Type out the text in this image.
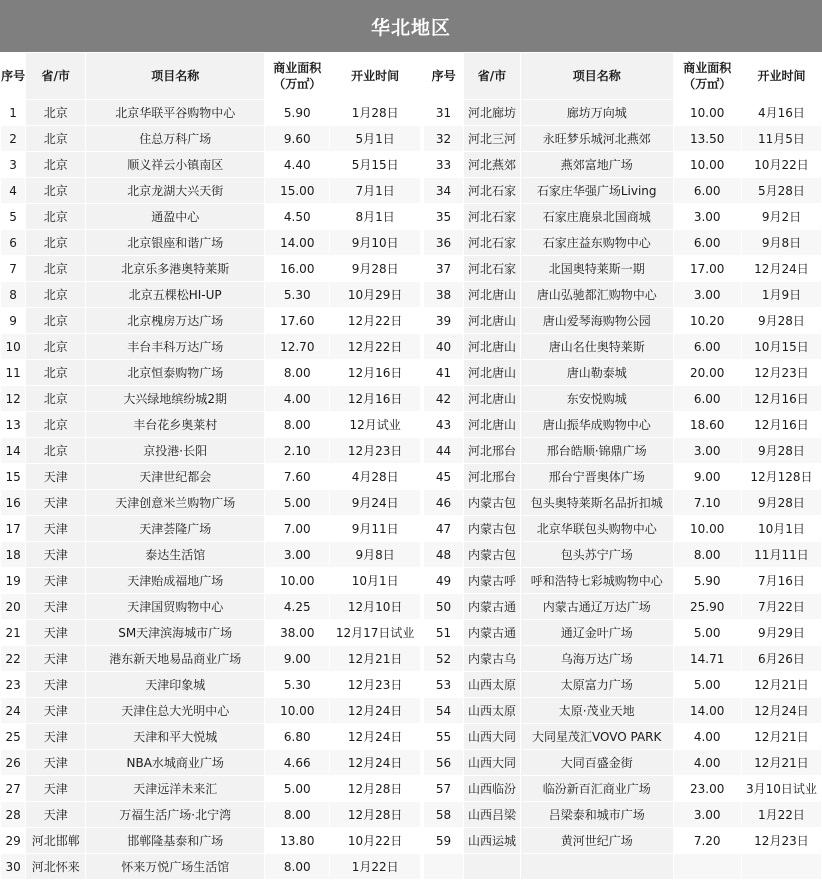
华北地区
序号	省/市	项目名称	商业面积（万㎡）	开业时间		序号	省/市	项目名称	商业面积（万㎡）	开业时间
1	北京	北京华联平谷购物中心	5.90	1月28日		31	河北廊坊	廊坊万向城	10.00	4月16日
2	北京	住总万科广场	9.60	5月1日		32	河北三河	永旺梦乐城河北燕郊	13.50	11月5日
3	北京	顺义祥云小镇南区	4.40	5月15日		33	河北燕郊	燕郊富地广场	10.00	10月22日
4	北京	北京龙湖大兴天街	15.00	7月1日		34	河北石家	石家庄华强广场Living	6.00	5月28日
5	北京	通盈中心	4.50	8月1日		35	河北石家	石家庄鹿泉北国商城	3.00	9月2日
6	北京	北京银座和谐广场	14.00	9月10日		36	河北石家	石家庄益东购物中心	6.00	9月8日
7	北京	北京乐多港奥特莱斯	16.00	9月28日		37	河北石家	北国奥特莱斯一期	17.00	12月24日
8	北京	北京五棵松HI-UP	5.30	10月29日		38	河北唐山	唐山弘驰都汇购物中心	3.00	1月9日
9	北京	北京槐房万达广场	17.60	12月22日		39	河北唐山	唐山爱琴海购物公园	10.20	9月28日
10	北京	丰台丰科万达广场	12.70	12月22日		40	河北唐山	唐山名仕奥特莱斯	6.00	10月15日
11	北京	北京恒泰购物广场	8.00	12月16日		41	河北唐山	唐山勒泰城	20.00	12月23日
12	北京	大兴绿地缤纷城2期	4.00	12月16日		42	河北唐山	东安悦购城	6.00	12月16日
13	北京	丰台花乡奥莱村	8.00	12月试业		43	河北唐山	唐山振华成购物中心	18.60	12月16日
14	北京	京投港·长阳	2.10	12月23日		44	河北邢台	邢台皓顺·锦鼎广场	3.00	9月28日
15	天津	天津世纪都会	7.60	4月28日		45	河北邢台	邢台宁晋奥体广场	9.00	12月128日
16	天津	天津创意米兰购物广场	5.00	9月24日		46	内蒙古包	包头奥特莱斯名品折扣城	7.10	9月28日
17	天津	天津荟隆广场	7.00	9月11日		47	内蒙古包	北京华联包头购物中心	10.00	10月1日
18	天津	泰达生活馆	3.00	9月8日		48	内蒙古包	包头苏宁广场	8.00	11月11日
19	天津	天津贻成福地广场	10.00	10月1日		49	内蒙古呼	呼和浩特七彩城购物中心	5.90	7月16日
20	天津	天津国贸购物中心	4.25	12月10日		50	内蒙古通	内蒙古通辽万达广场	25.90	7月22日
21	天津	SM天津滨海城市广场	38.00	12月17日试业		51	内蒙古通	通辽金叶广场	5.00	9月29日
22	天津	港东新天地易品商业广场	9.00	12月21日		52	内蒙古乌	乌海万达广场	14.71	6月26日
23	天津	天津印象城	5.30	12月23日		53	山西太原	太原富力广场	5.00	12月21日
24	天津	天津住总大光明中心	10.00	12月24日		54	山西太原	太原·茂业天地	14.00	12月24日
25	天津	天津和平大悦城	6.80	12月24日		55	山西大同	大同星茂汇VOVO PARK	4.00	12月21日
26	天津	NBA水城商业广场	4.66	12月24日		56	山西大同	大同百盛金街	4.00	12月21日
27	天津	天津远洋未来汇	5.00	12月28日		57	山西临汾	临汾新百汇商业广场	23.00	3月10日试业
28	天津	万福生活广场·北宁湾	8.00	12月28日		58	山西吕梁	吕梁泰和城市广场	3.00	1月22日
29	河北邯郸	邯郸隆基泰和广场	13.80	10月22日		59	山西运城	黄河世纪广场	7.20	12月23日
30	河北怀来	怀来万悦广场生活馆	8.00	1月22日						
